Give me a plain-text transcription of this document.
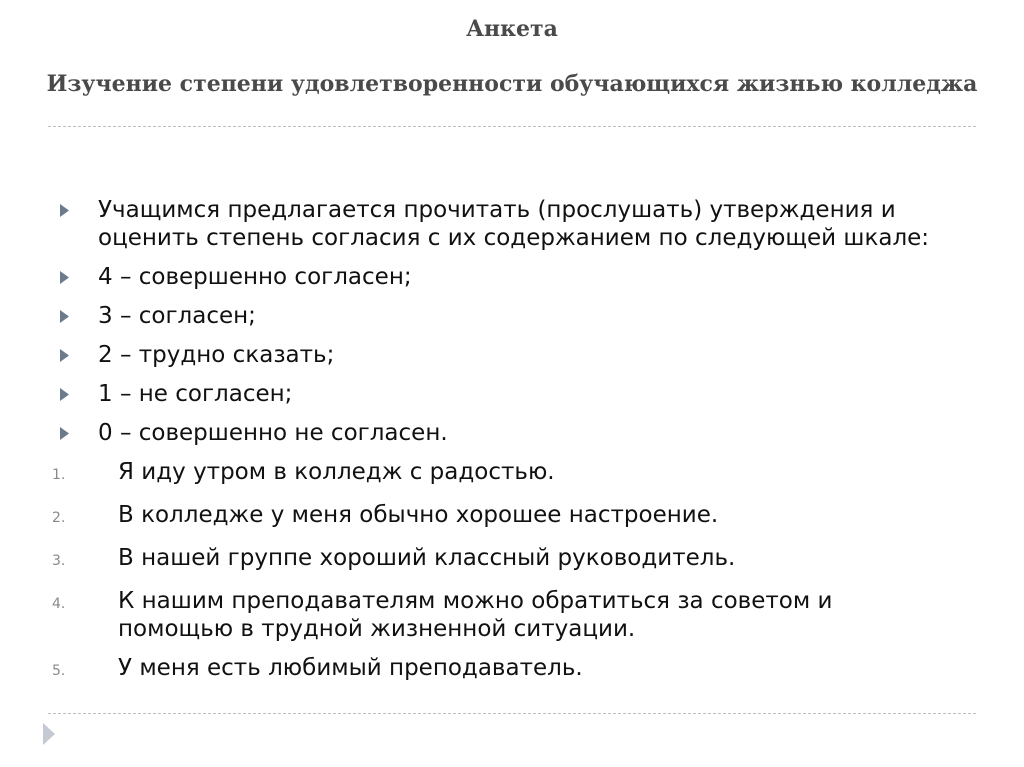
Анкета
Изучение степени удовлетворенности обучающихся жизнью колледжа
Учащимся предлагается прочитать (прослушать) утверждения и оценить степень согласия с их содержанием по следующей шкале:
4 – совершенно согласен;
3 – согласен;
2 – трудно сказать;
1 – не согласен;
0 – совершенно не согласен.
1.	Я иду утром в колледж с радостью.
2.	В колледже у меня обычно хорошее настроение.
3.	В нашей группе хороший классный руководитель.
4.	К нашим преподавателям можно обратиться за советом и помощью в трудной жизненной ситуации.
5.	У меня есть любимый преподаватель.
